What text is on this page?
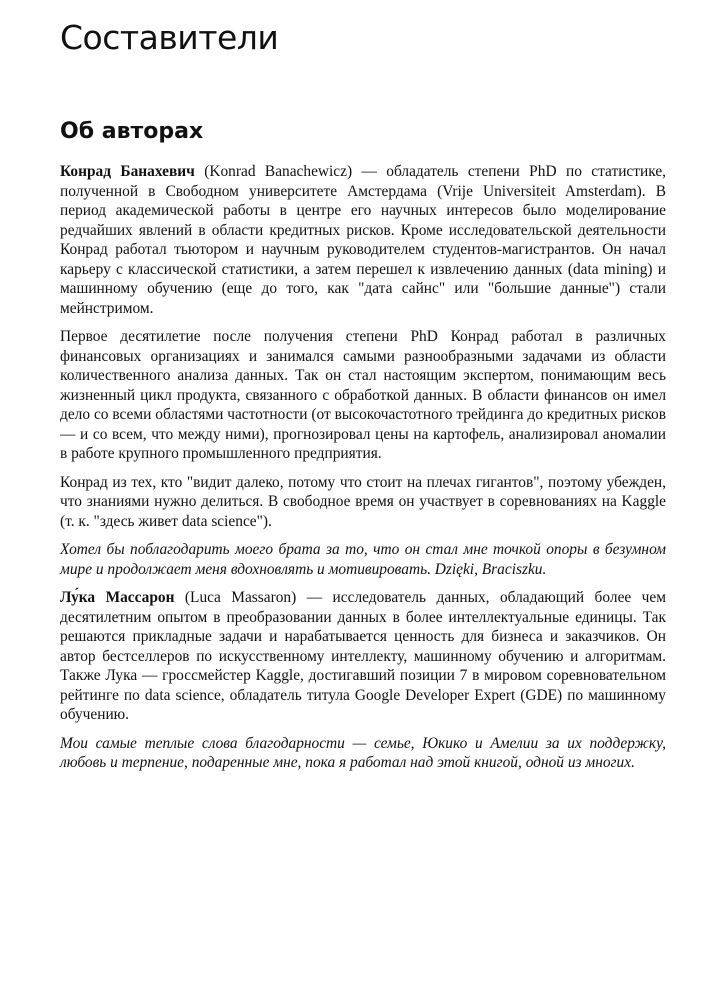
Составители
Об авторах

Конрад Банахевич (Konrad Banachewicz) — обладатель степени PhD по статистике, полученной в Свободном университете Амстердама (Vrije Universiteit Amsterdam). В период академической работы в центре его научных интересов было моделирование редчайших явлений в области кредитных рисков. Кроме исследовательской деятельности Конрад работал тьютором и научным руководителем студентов-магистрантов. Он начал карьеру с классической статистики, а затем перешел к извлечению данных (data mining) и машинному обучению (еще до того, как "дата сайнс" или "большие данные") стали мейнстримом.

Первое десятилетие после получения степени PhD Конрад работал в различных финансовых организациях и занимался самыми разнообразными задачами из области количественного анализа данных. Так он стал настоящим экспертом, понимающим весь жизненный цикл продукта, связанного с обработкой данных. В области финансов он имел дело со всеми областями частотности (от высокочастотного трейдинга до кредитных рисков — и со всем, что между ними), прогнозировал цены на картофель, анализировал аномалии в работе крупного промышленного предприятия.

Конрад из тех, кто "видит далеко, потому что стоит на плечах гигантов", поэтому убежден, что знаниями нужно делиться. В свободное время он участвует в соревнованиях на Kaggle (т. к. "здесь живет data science").

Хотел бы поблагодарить моего брата за то, что он стал мне точкой опоры в безумном мире и продолжает меня вдохновлять и мотивировать. Dzięki, Braciszku.

Лу́ка Массарон (Luca Massaron) — исследователь данных, обладающий более чем десятилетним опытом в преобразовании данных в более интеллектуальные единицы. Так решаются прикладные задачи и нарабатывается ценность для бизнеса и заказчиков. Он автор бестселлеров по искусственному интеллекту, машинному обучению и алгоритмам. Также Лука — гроссмейстер Kaggle, достигавший позиции 7 в мировом соревновательном рейтинге по data science, обладатель титула Google Developer Expert (GDE) по машинному обучению.

Мои самые теплые слова благодарности — семье, Юкико и Амелии за их поддержку, любовь и терпение, подаренные мне, пока я работал над этой книгой, одной из многих.
